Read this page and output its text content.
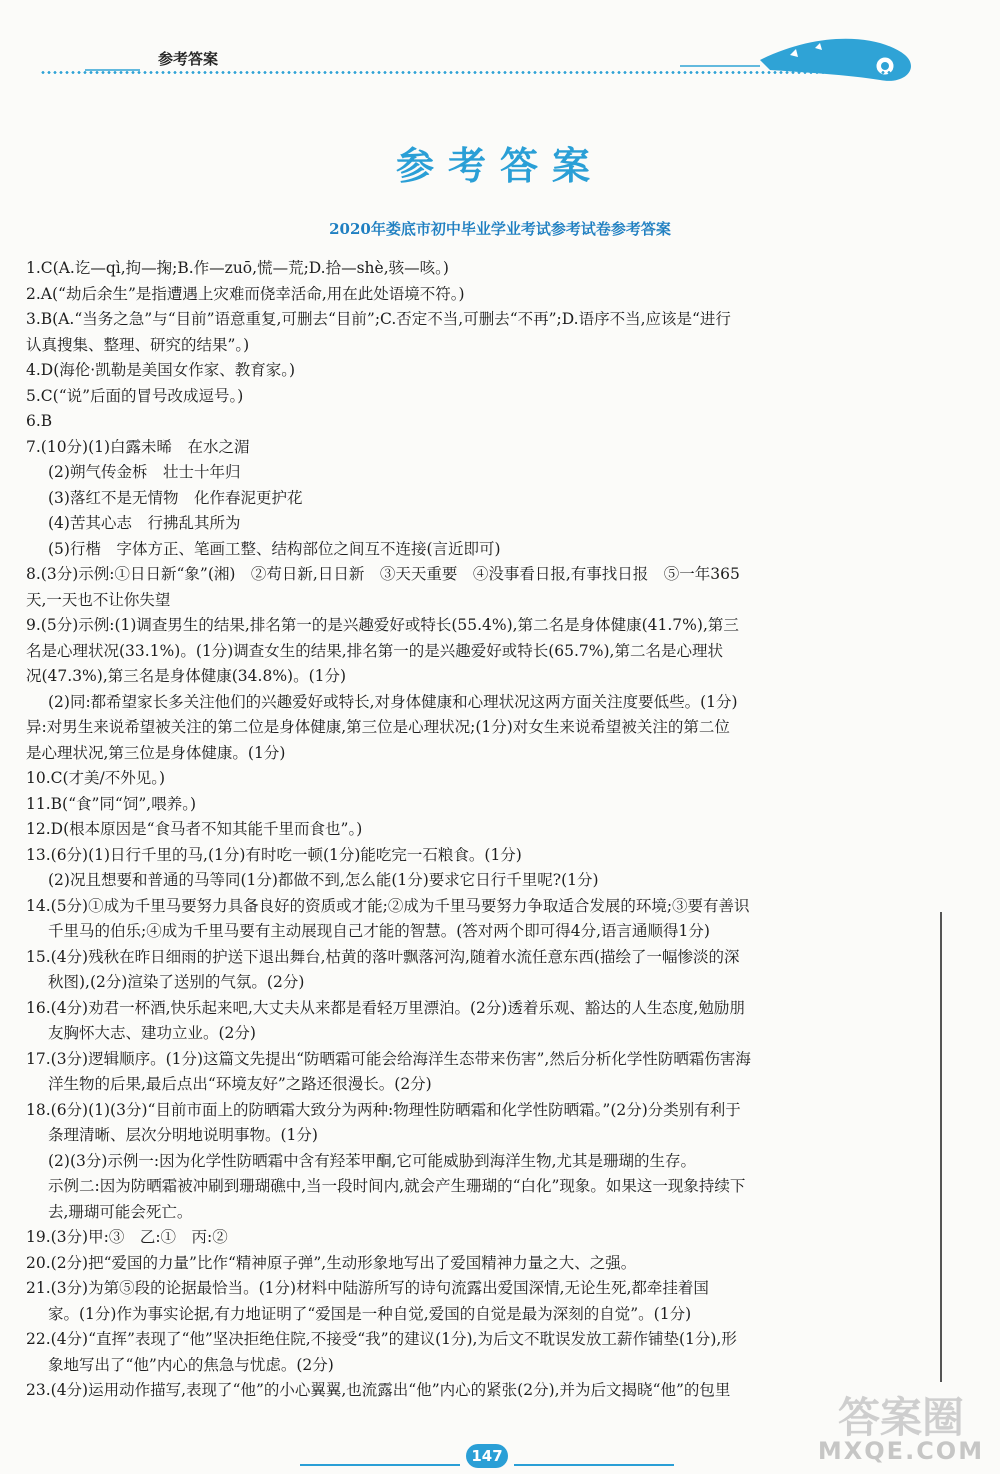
参考答案
参考答案
2020年娄底市初中毕业学业考试参考试卷参考答案
1.C(A.讫—qì,拘—掬;B.作—zuō,慌—荒;D.拾—shè,骇—咳。)
2.A(“劫后余生”是指遭遇上灾难而侥幸活命,用在此处语境不符。)
3.B(A.“当务之急”与“目前”语意重复,可删去“目前”;C.否定不当,可删去“不再”;D.语序不当,应该是“进行
认真搜集、整理、研究的结果”。)
4.D(海伦·凯勒是美国女作家、教育家。)
5.C(“说”后面的冒号改成逗号。)
6.B
7.(10分)(1)白露未晞　在水之湄
(2)朔气传金柝　壮士十年归
(3)落红不是无情物　化作春泥更护花
(4)苦其心志　行拂乱其所为
(5)行楷　字体方正、笔画工整、结构部位之间互不连接(言近即可)
8.(3分)示例:①日日新“象”(湘)　②苟日新,日日新　③天天重要　④没事看日报,有事找日报　⑤一年365
天,一天也不让你失望
9.(5分)示例:(1)调查男生的结果,排名第一的是兴趣爱好或特长(55.4%),第二名是身体健康(41.7%),第三
名是心理状况(33.1%)。(1分)调查女生的结果,排名第一的是兴趣爱好或特长(65.7%),第二名是心理状
况(47.3%),第三名是身体健康(34.8%)。(1分)
(2)同:都希望家长多关注他们的兴趣爱好或特长,对身体健康和心理状况这两方面关注度要低些。(1分)
异:对男生来说希望被关注的第二位是身体健康,第三位是心理状况;(1分)对女生来说希望被关注的第二位
是心理状况,第三位是身体健康。(1分)
10.C(才美/不外见。)
11.B(“食”同“饲”,喂养。)
12.D(根本原因是“食马者不知其能千里而食也”。)
13.(6分)(1)日行千里的马,(1分)有时吃一顿(1分)能吃完一石粮食。(1分)
(2)况且想要和普通的马等同(1分)都做不到,怎么能(1分)要求它日行千里呢?(1分)
14.(5分)①成为千里马要努力具备良好的资质或才能;②成为千里马要努力争取适合发展的环境;③要有善识
千里马的伯乐;④成为千里马要有主动展现自己才能的智慧。(答对两个即可得4分,语言通顺得1分)
15.(4分)残秋在昨日细雨的护送下退出舞台,枯黄的落叶飘落河沟,随着水流任意东西(描绘了一幅惨淡的深
秋图),(2分)渲染了送别的气氛。(2分)
16.(4分)劝君一杯酒,快乐起来吧,大丈夫从来都是看轻万里漂泊。(2分)透着乐观、豁达的人生态度,勉励朋
友胸怀大志、建功立业。(2分)
17.(3分)逻辑顺序。(1分)这篇文先提出“防晒霜可能会给海洋生态带来伤害”,然后分析化学性防晒霜伤害海
洋生物的后果,最后点出“环境友好”之路还很漫长。(2分)
18.(6分)(1)(3分)“目前市面上的防晒霜大致分为两种:物理性防晒霜和化学性防晒霜。”(2分)分类别有利于
条理清晰、层次分明地说明事物。(1分)
(2)(3分)示例一:因为化学性防晒霜中含有羟苯甲酮,它可能威胁到海洋生物,尤其是珊瑚的生存。
示例二:因为防晒霜被冲刷到珊瑚礁中,当一段时间内,就会产生珊瑚的“白化”现象。如果这一现象持续下
去,珊瑚可能会死亡。
19.(3分)甲:③　乙:①　丙:②
20.(2分)把“爱国的力量”比作“精神原子弹”,生动形象地写出了爱国精神力量之大、之强。
21.(3分)为第⑤段的论据最恰当。(1分)材料中陆游所写的诗句流露出爱国深情,无论生死,都牵挂着国
家。(1分)作为事实论据,有力地证明了“爱国是一种自觉,爱国的自觉是最为深刻的自觉”。(1分)
22.(4分)“直挥”表现了“他”坚决拒绝住院,不接受“我”的建议(1分),为后文不耽误发放工薪作铺垫(1分),形
象地写出了“他”内心的焦急与忧虑。(2分)
23.(4分)运用动作描写,表现了“他”的小心翼翼,也流露出“他”内心的紧张(2分),并为后文揭晓“他”的包里
147
答案圈
MXQE.COM
